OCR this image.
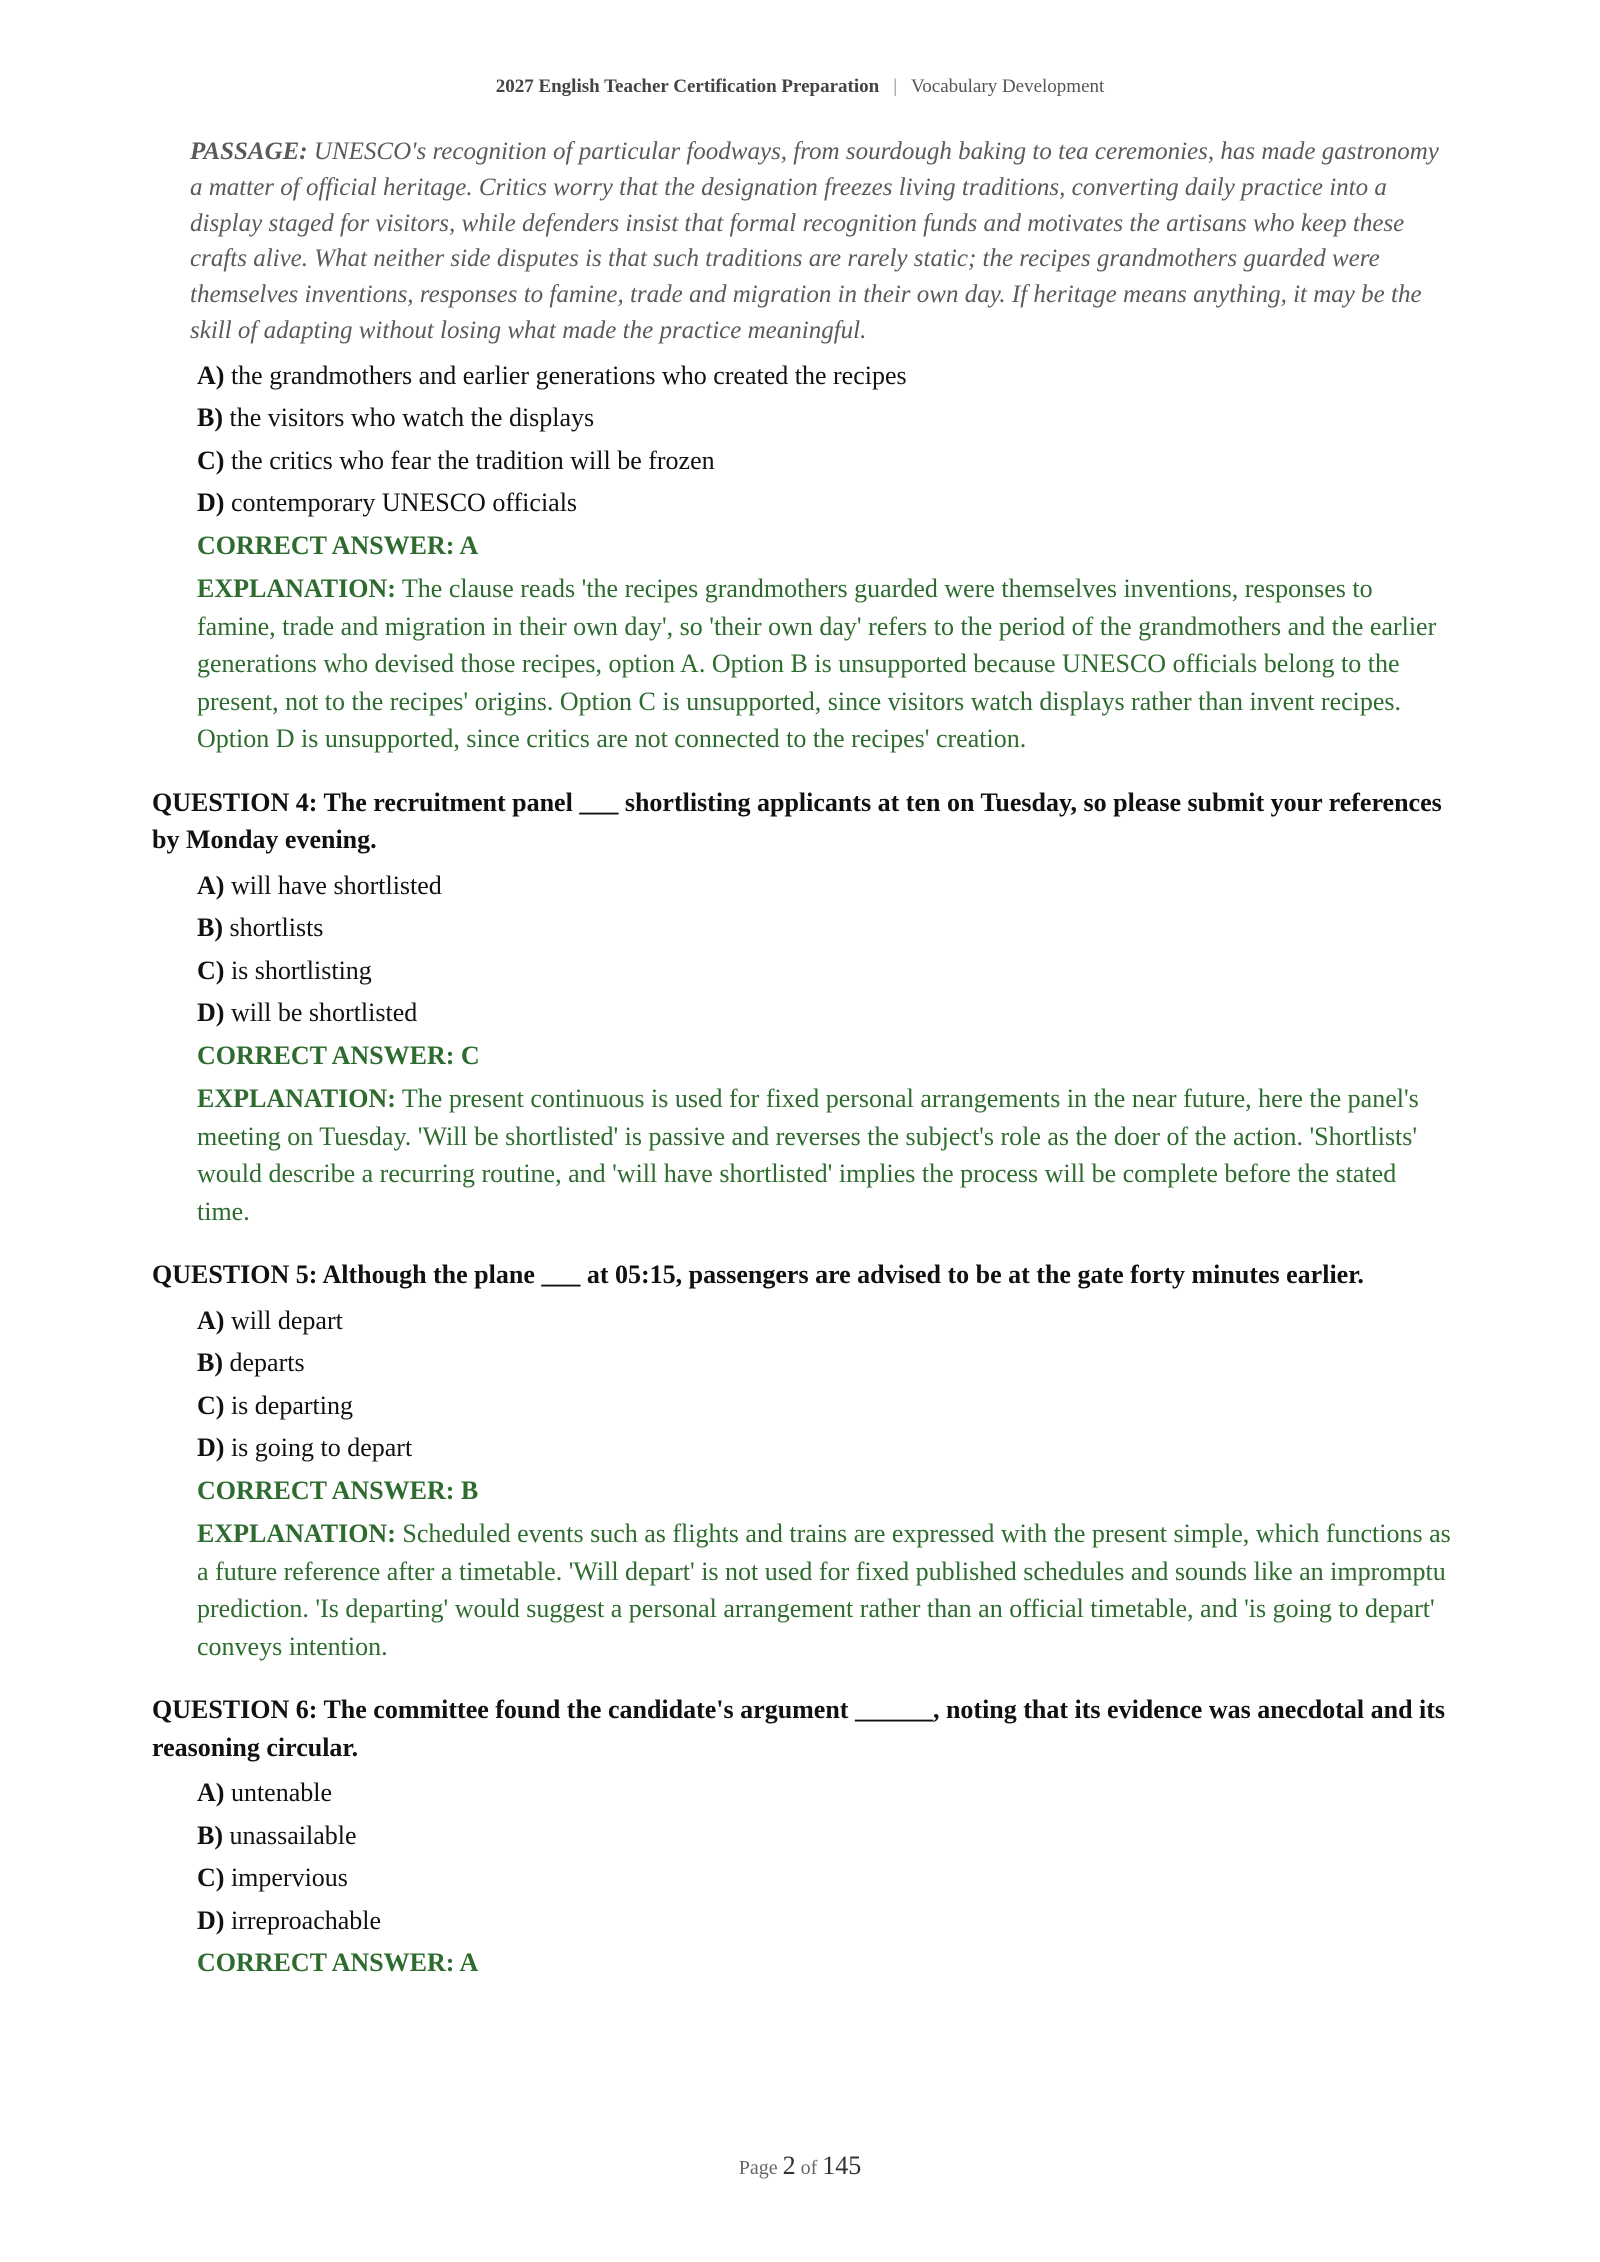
2027 English Teacher Certification Preparation | Vocabulary Development
PASSAGE: UNESCO's recognition of particular foodways, from sourdough baking to tea ceremonies, has made gastronomy a matter of official heritage. Critics worry that the designation freezes living traditions, converting daily practice into a display staged for visitors, while defenders insist that formal recognition funds and motivates the artisans who keep these crafts alive. What neither side disputes is that such traditions are rarely static; the recipes grandmothers guarded were themselves inventions, responses to famine, trade and migration in their own day. If heritage means anything, it may be the skill of adapting without losing what made the practice meaningful.
A) the grandmothers and earlier generations who created the recipes
B) the visitors who watch the displays
C) the critics who fear the tradition will be frozen
D) contemporary UNESCO officials
CORRECT ANSWER: A
EXPLANATION: The clause reads 'the recipes grandmothers guarded were themselves inventions, responses to famine, trade and migration in their own day', so 'their own day' refers to the period of the grandmothers and the earlier generations who devised those recipes, option A. Option B is unsupported because UNESCO officials belong to the present, not to the recipes' origins. Option C is unsupported, since visitors watch displays rather than invent recipes. Option D is unsupported, since critics are not connected to the recipes' creation.
QUESTION 4: The recruitment panel ___ shortlisting applicants at ten on Tuesday, so please submit your references by Monday evening.
A) will have shortlisted
B) shortlists
C) is shortlisting
D) will be shortlisted
CORRECT ANSWER: C
EXPLANATION: The present continuous is used for fixed personal arrangements in the near future, here the panel's meeting on Tuesday. 'Will be shortlisted' is passive and reverses the subject's role as the doer of the action. 'Shortlists' would describe a recurring routine, and 'will have shortlisted' implies the process will be complete before the stated time.
QUESTION 5: Although the plane ___ at 05:15, passengers are advised to be at the gate forty minutes earlier.
A) will depart
B) departs
C) is departing
D) is going to depart
CORRECT ANSWER: B
EXPLANATION: Scheduled events such as flights and trains are expressed with the present simple, which functions as a future reference after a timetable. 'Will depart' is not used for fixed published schedules and sounds like an impromptu prediction. 'Is departing' would suggest a personal arrangement rather than an official timetable, and 'is going to depart' conveys intention.
QUESTION 6: The committee found the candidate's argument ______, noting that its evidence was anecdotal and its reasoning circular.
A) untenable
B) unassailable
C) impervious
D) irreproachable
CORRECT ANSWER: A
Page 2 of 145
